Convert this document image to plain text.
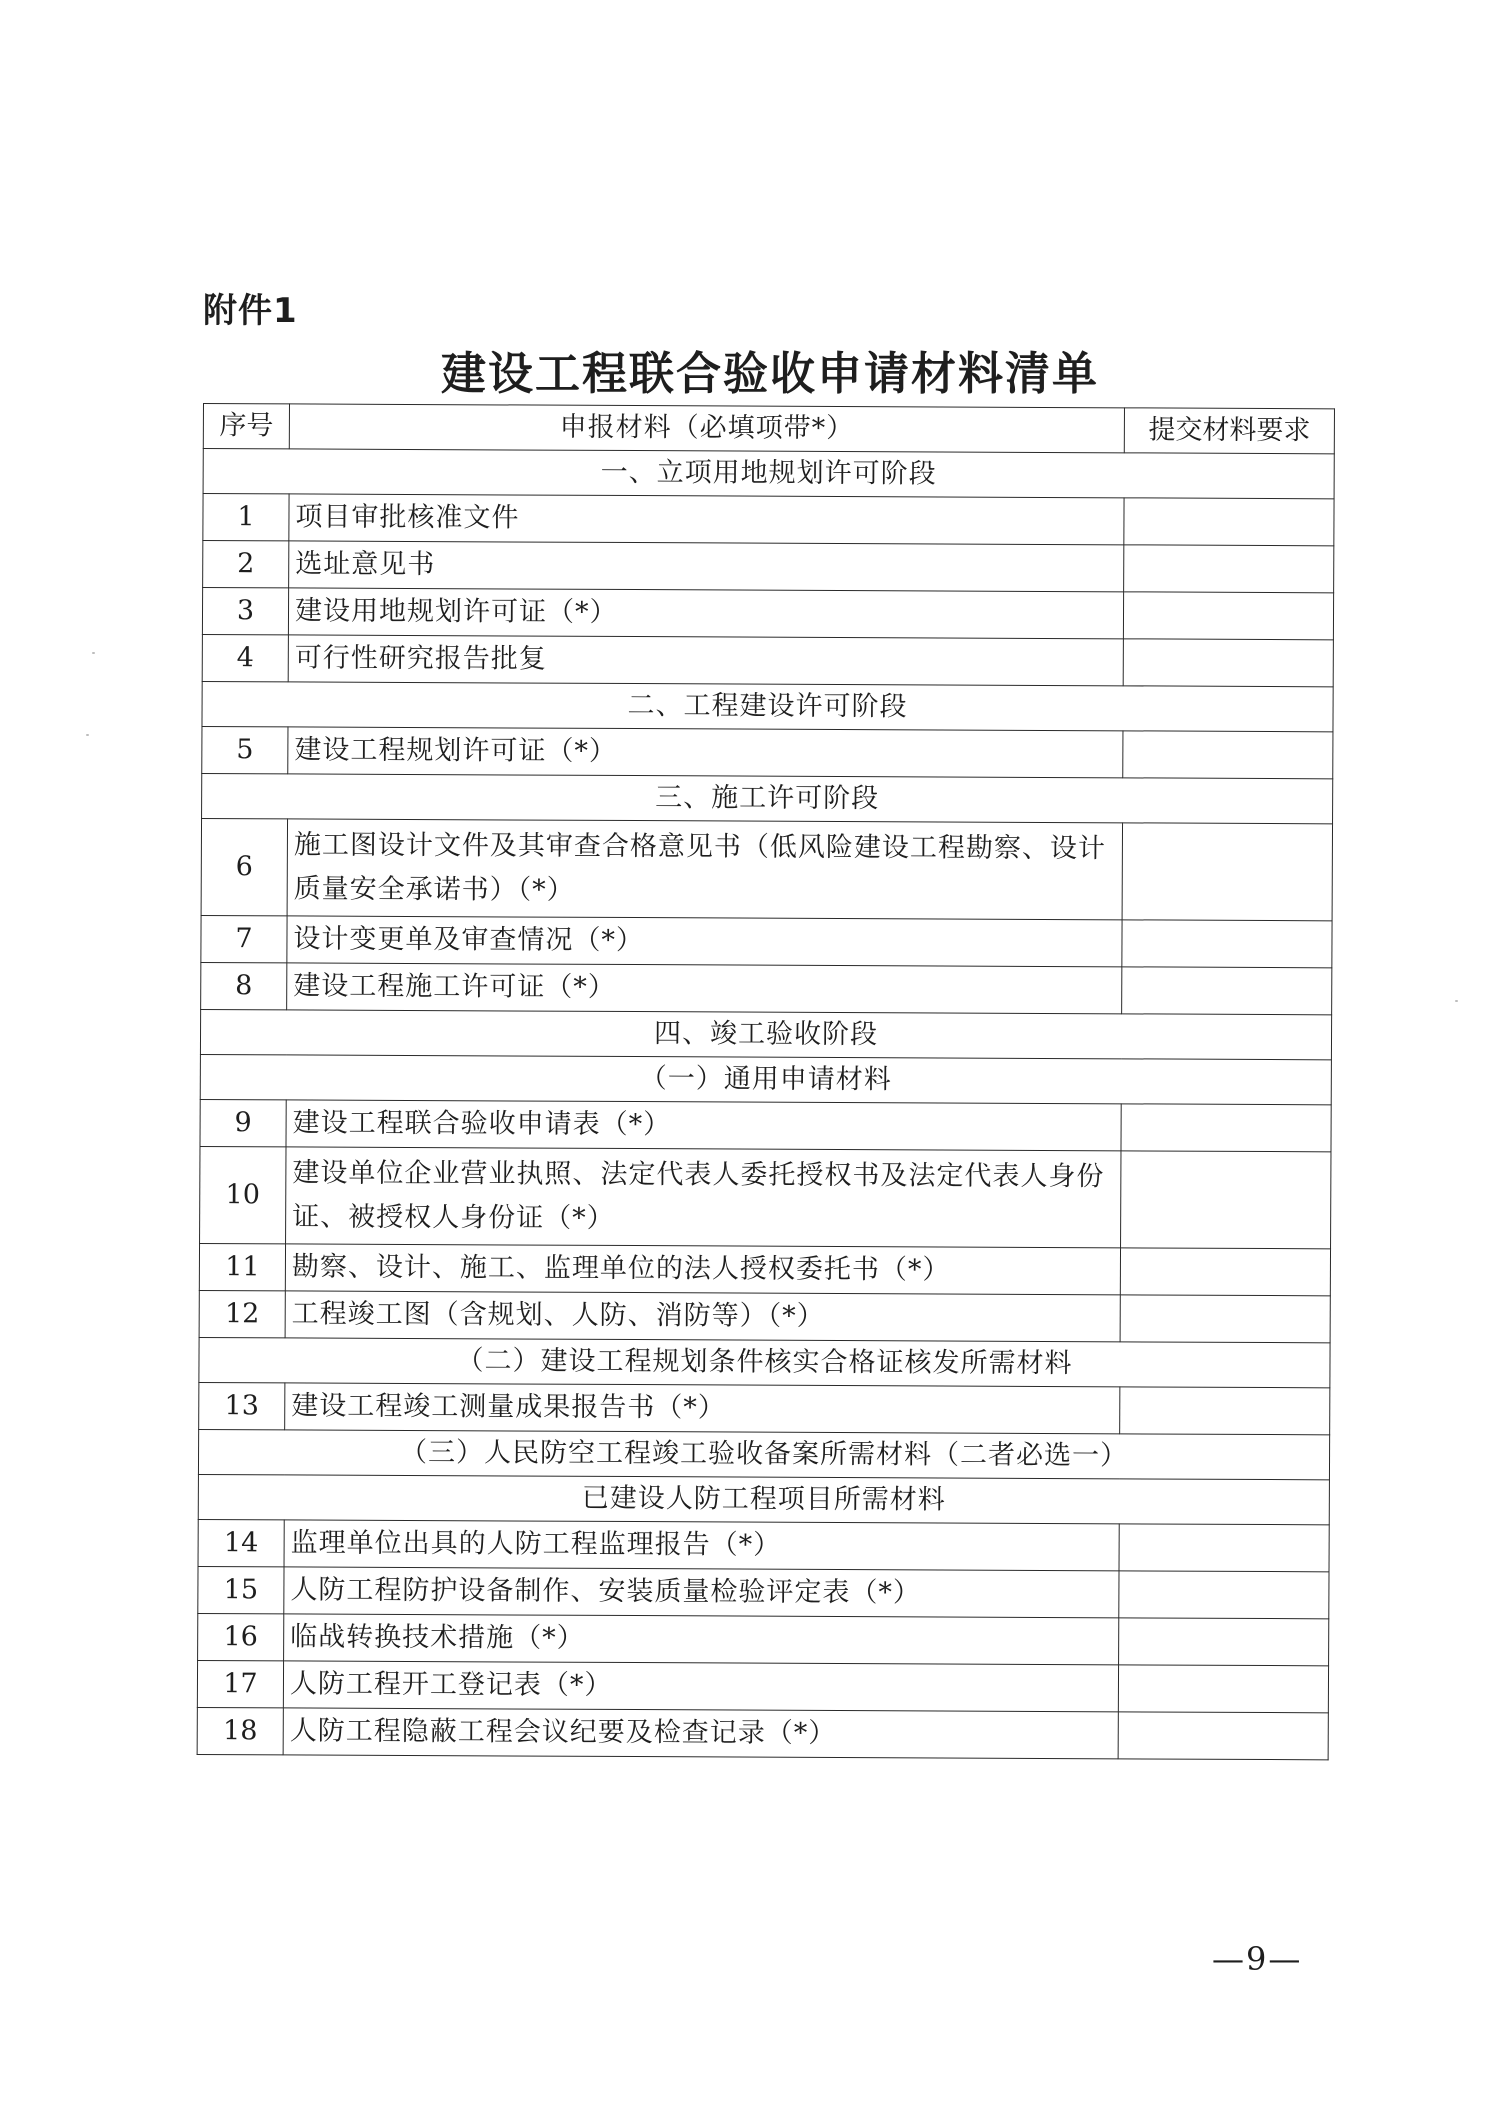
附件1
建设工程联合验收申请材料清单
序号	申报材料（必填项带*）	提交材料要求
一、立项用地规划许可阶段		
1	项目审批核准文件	
2	选址意见书	
3	建设用地规划许可证（*）	
4	可行性研究报告批复	
二、工程建设许可阶段		
5	建设工程规划许可证（*）	
三、施工许可阶段		
6	施工图设计文件及其审查合格意见书（低风险建设工程勘察、设计质量安全承诺书）（*）	
7	设计变更单及审查情况（*）	
8	建设工程施工许可证（*）	
四、竣工验收阶段		
（一）通用申请材料		
9	建设工程联合验收申请表（*）	
10	建设单位企业营业执照、法定代表人委托授权书及法定代表人身份证、被授权人身份证（*）	
11	勘察、设计、施工、监理单位的法人授权委托书（*）	
12	工程竣工图（含规划、人防、消防等）（*）	
（二）建设工程规划条件核实合格证核发所需材料		
13	建设工程竣工测量成果报告书（*）	
（三）人民防空工程竣工验收备案所需材料（二者必选一）		
已建设人防工程项目所需材料		
14	监理单位出具的人防工程监理报告（*）	
15	人防工程防护设备制作、安装质量检验评定表（*）	
16	临战转换技术措施（*）	
17	人防工程开工登记表（*）	
18	人防工程隐蔽工程会议纪要及检查记录（*）	
—9—
